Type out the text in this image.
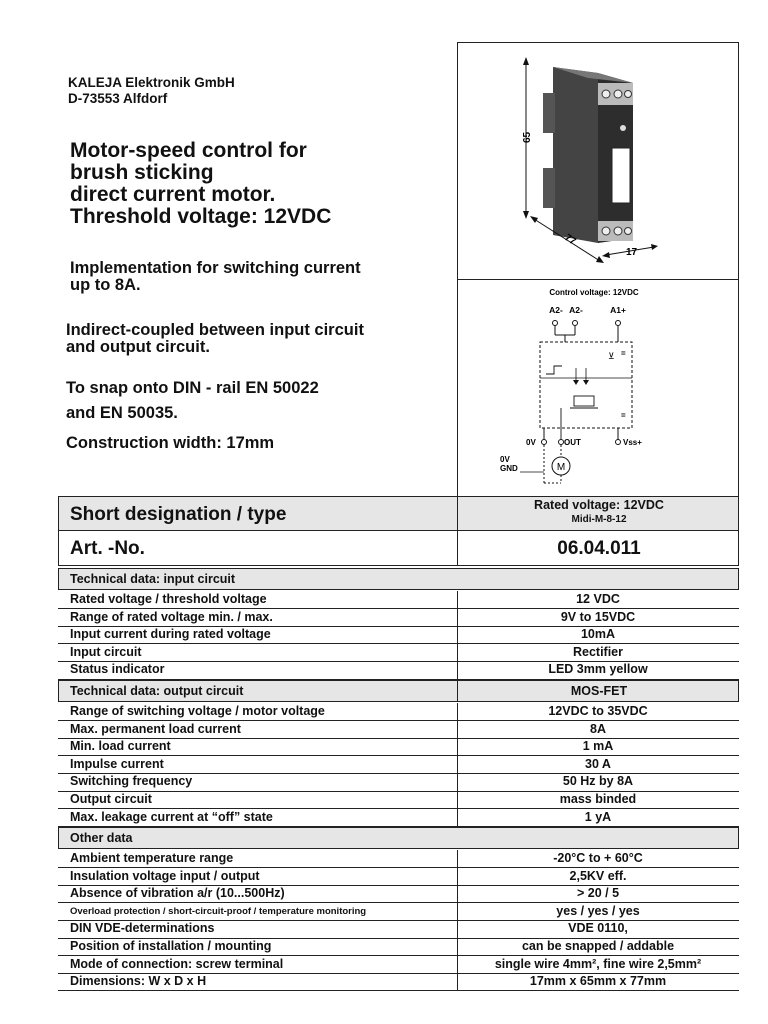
KALEJA Elektronik GmbH
D-73553 Alfdorf
Motor-speed control for
brush sticking
direct current motor.
Threshold voltage: 12VDC
Implementation for switching current
up to 8A.
Indirect-coupled between input circuit
and output circuit.
To snap onto DIN - rail EN 50022
and EN 50035.
Construction width: 17mm
65
77
17
Control voltage: 12VDC
A2- A2-	A1+
⊻ =
=
0V	OUT	Vss+
0V
GND	M
Short designation / type	Rated voltage: 12VDC
Midi-M-8-12
Art. -No.	06.04.011
Technical data: input circuit
Rated voltage / threshold voltage	12 VDC
Range of rated voltage min. / max.	9V to 15VDC
Input current during rated voltage	10mA
Input circuit	Rectifier
Status indicator	LED 3mm yellow
Technical data: output circuit	MOS-FET
Range of switching voltage / motor voltage	12VDC to 35VDC
Max. permanent load current	8A
Min. load current	1 mA
Impulse current	30 A
Switching frequency	50 Hz by 8A
Output circuit	mass binded
Max. leakage current at “off” state	1 yA
Other data
Ambient temperature range	-20°C to + 60°C
Insulation voltage input / output	2,5KV eff.
Absence of vibration a/r (10...500Hz)	> 20 / 5
Overload protection / short-circuit-proof / temperature monitoring	yes / yes / yes
DIN VDE-determinations	VDE 0110,
Position of installation / mounting	can be snapped / addable
Mode of connection: screw terminal	single wire 4mm², fine wire 2,5mm²
Dimensions: W x D x H	17mm x 65mm x 77mm
